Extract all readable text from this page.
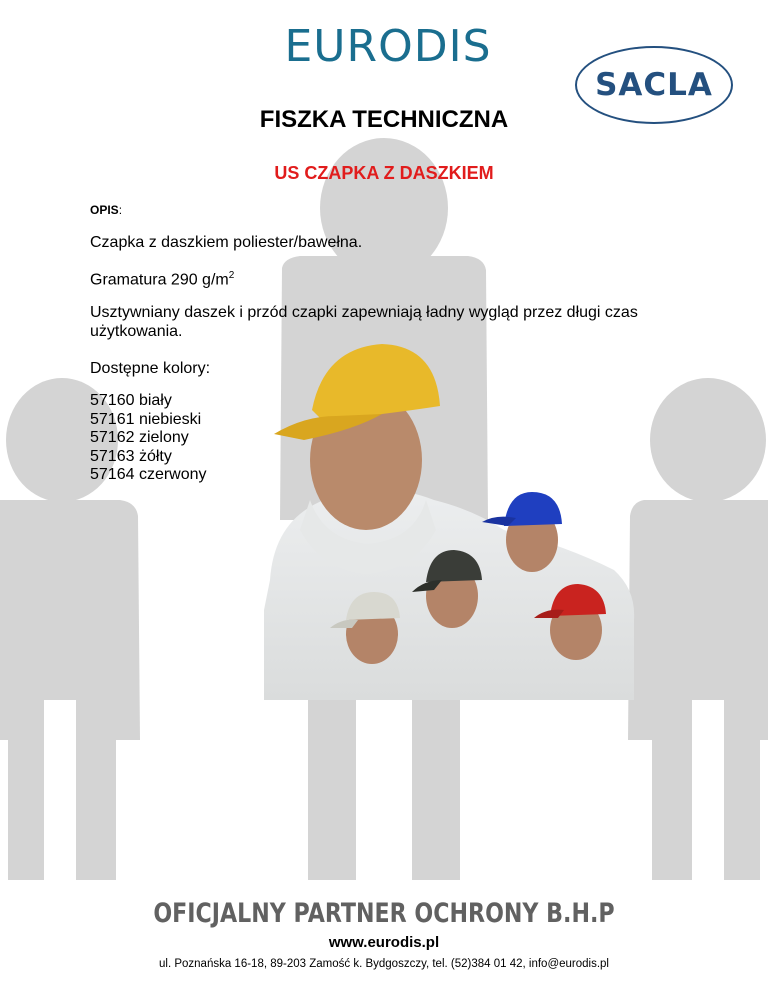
EURODIS
SACLA
FISZKA TECHNICZNA
US CZAPKA Z DASZKIEM
OPIS:
Czapka z daszkiem poliester/bawełna.
Gramatura 290 $g/m^2$
Usztywniany daszek i przód czapki zapewniają ładny wygląd przez długi czas
użytkowania.
Dostępne kolory:
57160 biały
57161 niebieski
57162 zielony
57163 żółty
57164 czerwony
OFICJALNY PARTNER OCHRONY B.H.P
www.eurodis.pl
ul. Poznańska 16-18, 89-203 Zamość k. Bydgoszczy, tel. (52)384 01 42, info@eurodis.pl
